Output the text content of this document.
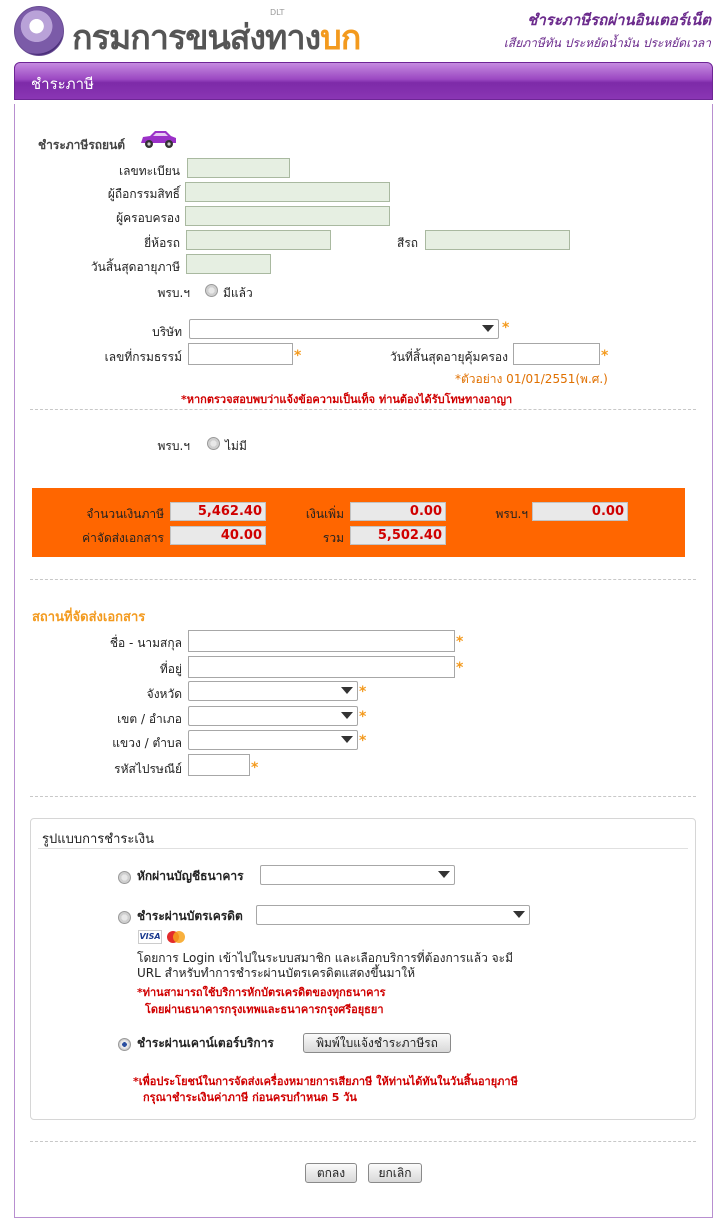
กรมการขนส่งทางบก
DLT	ชำระภาษีรถผ่านอินเตอร์เน็ต
เสียภาษีทัน ประหยัดน้ำมัน ประหยัดเวลา
ชำระภาษี
ชำระภาษีรถยนต์
เลขทะเบียน
ผู้ถือกรรมสิทธิ์
ผู้ครอบครอง
ยี่ห้อรถ	สีรถ
วันสิ้นสุดอายุภาษี
พรบ.ฯ	มีแล้ว
บริษัท	*
เลขที่กรมธรรม์	*	วันที่สิ้นสุดอายุคุ้มครอง	*
*ตัวอย่าง 01/01/2551(พ.ศ.)
*หากตรวจสอบพบว่าแจ้งข้อความเป็นเท็จ ท่านต้องได้รับโทษทางอาญา
พรบ.ฯ	ไม่มี
จำนวนเงินภาษี	5,462.40	เงินเพิ่ม	0.00	พรบ.ฯ	0.00
ค่าจัดส่งเอกสาร	40.00	รวม	5,502.40
สถานที่จัดส่งเอกสาร
ชื่อ - นามสกุล	*
ที่อยู่	*
จังหวัด	*
เขต / อำเภอ	*
แขวง / ตำบล	*
รหัสไปรษณีย์	*
รูปแบบการชำระเงิน
หักผ่านบัญชีธนาคาร
ชำระผ่านบัตรเครดิต
VISA
โดยการ Login เข้าไปในระบบสมาชิก และเลือกบริการที่ต้องการแล้ว จะมี
URL สำหรับทำการชำระผ่านบัตรเครดิตแสดงขึ้นมาให้
*ท่านสามารถใช้บริการหักบัตรเครดิตของทุกธนาคาร
โดยผ่านธนาคารกรุงเทพและธนาคารกรุงศรีอยุธยา
ชำระผ่านเคาน์เตอร์บริการ	พิมพ์ใบแจ้งชำระภาษีรถ
*เพื่อประโยชน์ในการจัดส่งเครื่องหมายการเสียภาษี ให้ท่านได้ทันในวันสิ้นอายุภาษี
กรุณาชำระเงินค่าภาษี ก่อนครบกำหนด 5 วัน
ตกลง	ยกเลิก
